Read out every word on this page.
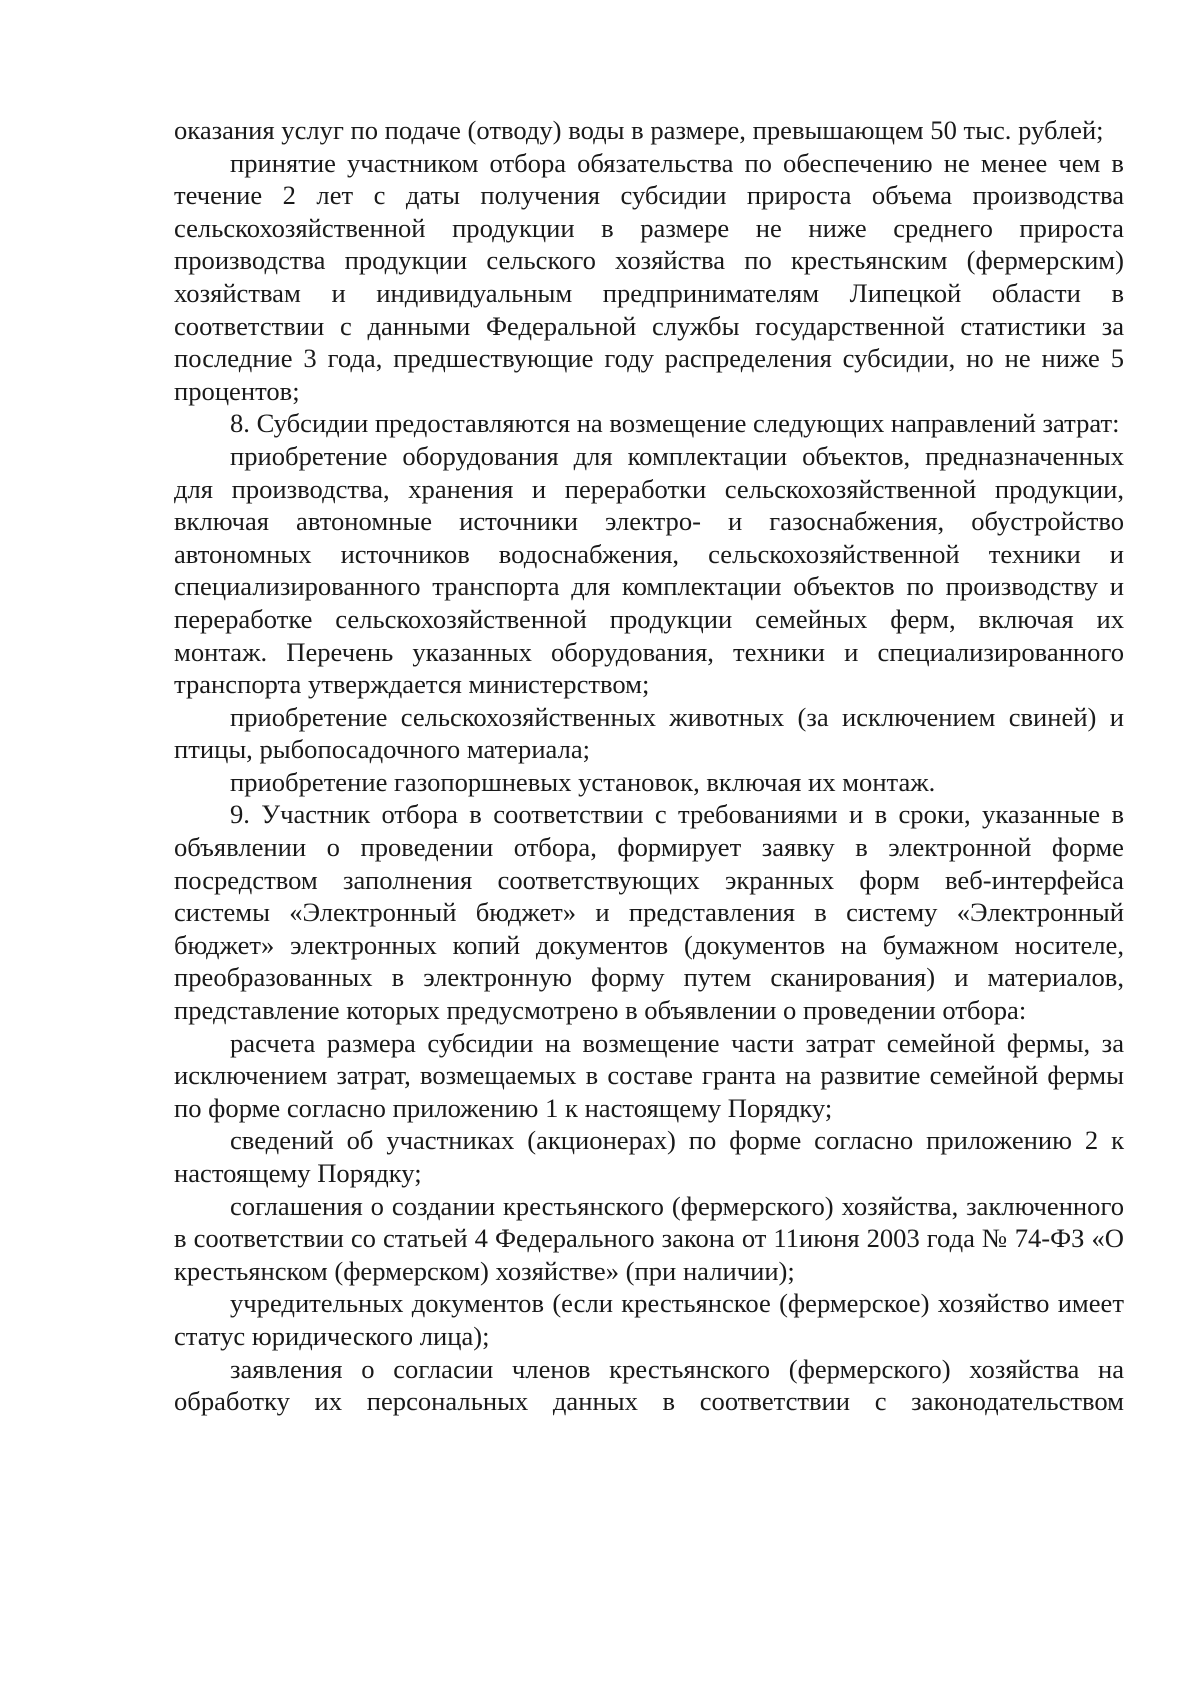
оказания услуг по подаче (отводу) воды в размере, превышающем 50 тыс. рублей;

принятие участником отбора обязательства по обеспечению не менее чем в течение 2 лет с даты получения субсидии прироста объема производства сельскохозяйственной продукции в размере не ниже среднего прироста производства продукции сельского хозяйства по крестьянским (фермерским) хозяйствам и индивидуальным предпринимателям Липецкой области в соответствии с данными Федеральной службы государственной статистики за последние 3 года, предшествующие году распределения субсидии, но не ниже 5 процентов;

8. Субсидии предоставляются на возмещение следующих направлений затрат:

приобретение оборудования для комплектации объектов, предназначенных для производства, хранения и переработки сельскохозяйственной продукции, включая автономные источники электро- и газоснабжения, обустройство автономных источников водоснабжения, сельскохозяйственной техники и специализированного транспорта для комплектации объектов по производству и переработке сельскохозяйственной продукции семейных ферм, включая их монтаж. Перечень указанных оборудования, техники и специализированного транспорта утверждается министерством;

приобретение сельскохозяйственных животных (за исключением свиней) и птицы, рыбопосадочного материала;

приобретение газопоршневых установок, включая их монтаж.

9. Участник отбора в соответствии с требованиями и в сроки, указанные в объявлении о проведении отбора, формирует заявку в электронной форме посредством заполнения соответствующих экранных форм веб-интерфейса системы «Электронный бюджет» и представления в систему «Электронный бюджет» электронных копий документов (документов на бумажном носителе, преобразованных в электронную форму путем сканирования) и материалов, представление которых предусмотрено в объявлении о проведении отбора:

расчета размера субсидии на возмещение части затрат семейной фермы, за исключением затрат, возмещаемых в составе гранта на развитие семейной фермы по форме согласно приложению 1 к настоящему Порядку;

сведений об участниках (акционерах) по форме согласно приложению 2 к настоящему Порядку;

соглашения о создании крестьянского (фермерского) хозяйства, заключенного в соответствии со статьей 4 Федерального закона от 11июня 2003 года № 74-ФЗ «О крестьянском (фермерском) хозяйстве» (при наличии);

учредительных документов (если крестьянское (фермерское) хозяйство имеет статус юридического лица);

заявления о согласии членов крестьянского (фермерского) хозяйства на обработку их персональных данных в соответствии с законодательством
